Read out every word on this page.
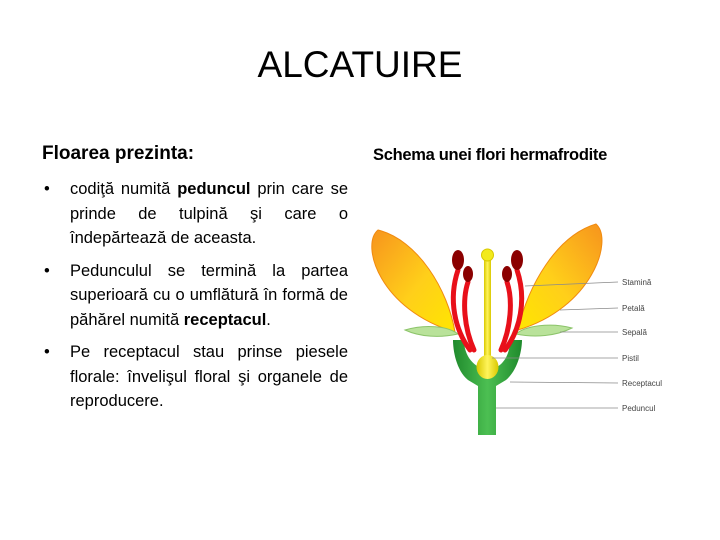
ALCATUIRE
Floarea prezinta:
• codiţă numită peduncul prin care se prinde de tulpină şi care o îndepărtează de aceasta.
• Pedunculul se termină la partea superioară cu o umflătură în formă de păhărel numită receptacul.
• Pe receptacul stau prinse piesele florale: învelişul floral şi organele de reproducere.
Schema unei flori hermafrodite
Stamină
Petală
Sepală
Pistil
Receptacul
Peduncul
